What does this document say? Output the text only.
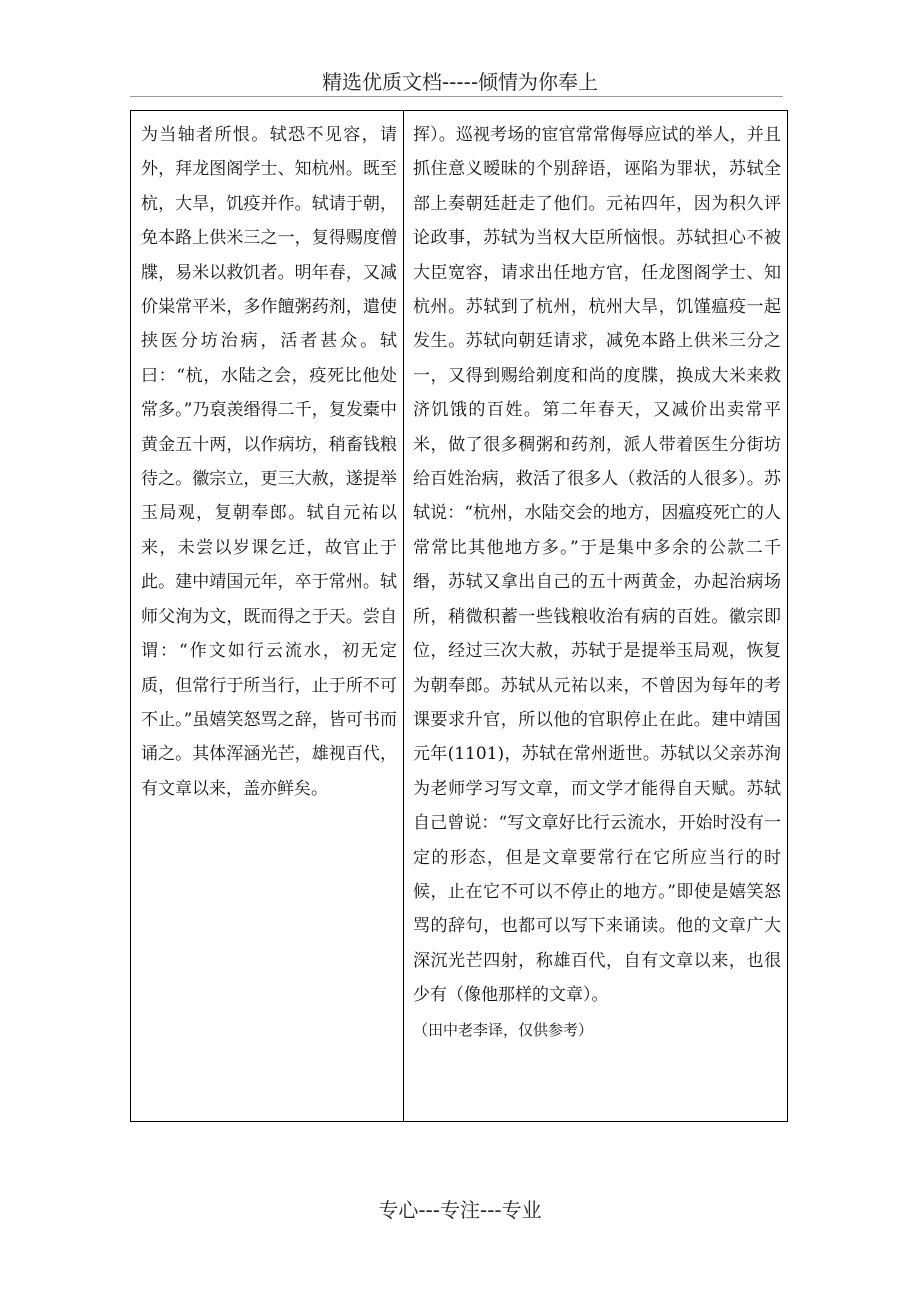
精选优质文档-----倾情为你奉上
为当轴者所恨。轼恐不见容，请外，拜龙图阁学士、知杭州。既至杭，大旱，饥疫并作。轼请于朝，免本路上供米三之一，复得赐度僧牒，易米以救饥者。明年春，又减价粜常平米，多作饘粥药剂，遣使挟医分坊治病，活者甚众。轼曰：“杭，水陆之会，疫死比他处常多。”乃裒羡缗得二千，复发橐中黄金五十两，以作病坊，稍畜钱粮待之。徽宗立，更三大赦，遂提举玉局观，复朝奉郎。轼自元祐以来，未尝以岁课乞迁，故官止于此。建中靖国元年，卒于常州。轼师父洵为文，既而得之于天。尝自谓：“作文如行云流水，初无定质，但常行于所当行，止于所不可不止。”虽嬉笑怒骂之辞，皆可书而诵之。其体浑涵光芒，雄视百代，有文章以来，盖亦鲜矣。
挥）。巡视考场的宦官常常侮辱应试的举人，并且抓住意义暧昧的个别辞语，诬陷为罪状，苏轼全部上奏朝廷赶走了他们。元祐四年，因为积久评论政事，苏轼为当权大臣所恼恨。苏轼担心不被大臣宽容，请求出任地方官，任龙图阁学士、知杭州。苏轼到了杭州，杭州大旱，饥馑瘟疫一起发生。苏轼向朝廷请求，减免本路上供米三分之一，又得到赐给剃度和尚的度牒，换成大米来救济饥饿的百姓。第二年春天，又减价出卖常平米，做了很多稠粥和药剂，派人带着医生分街坊给百姓治病，救活了很多人（救活的人很多）。苏轼说：“杭州，水陆交会的地方，因瘟疫死亡的人常常比其他地方多。”于是集中多余的公款二千缗，苏轼又拿出自己的五十两黄金，办起治病场所，稍微积蓄一些钱粮收治有病的百姓。徽宗即位，经过三次大赦，苏轼于是提举玉局观，恢复为朝奉郎。苏轼从元祐以来，不曾因为每年的考课要求升官，所以他的官职停止在此。建中靖国元年(1101)，苏轼在常州逝世。苏轼以父亲苏洵为老师学习写文章，而文学才能得自天赋。苏轼自己曾说：“写文章好比行云流水，开始时没有一定的形态，但是文章要常行在它所应当行的时候，止在它不可以不停止的地方。”即使是嬉笑怒骂的辞句，也都可以写下来诵读。他的文章广大深沉光芒四射，称雄百代，自有文章以来，也很少有（像他那样的文章）。
（田中老李译，仅供参考）
专心---专注---专业
